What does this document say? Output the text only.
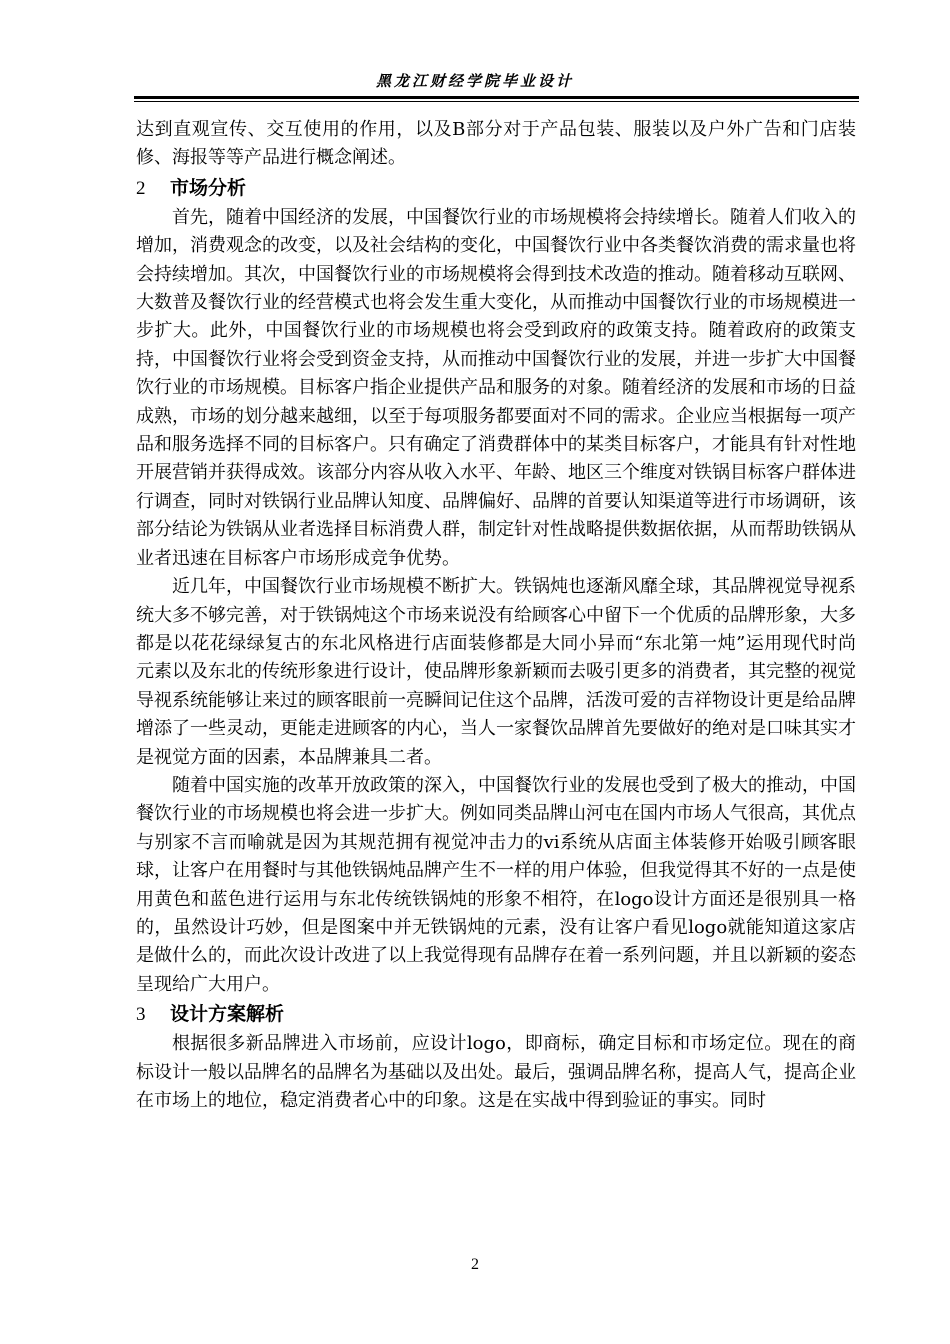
黑龙江财经学院毕业设计

达到直观宣传、交互使用的作用，以及B部分对于产品包装、服装以及户外广告和门店装修、海报等等产品进行概念阐述。

2 市场分析

首先，随着中国经济的发展，中国餐饮行业的市场规模将会持续增长。随着人们收入的增加，消费观念的改变，以及社会结构的变化，中国餐饮行业中各类餐饮消费的需求量也将会持续增加。其次，中国餐饮行业的市场规模将会得到技术改造的推动。随着移动互联网、大数普及餐饮行业的经营模式也将会发生重大变化，从而推动中国餐饮行业的市场规模进一步扩大。此外，中国餐饮行业的市场规模也将会受到政府的政策支持。随着政府的政策支持，中国餐饮行业将会受到资金支持，从而推动中国餐饮行业的发展，并进一步扩大中国餐饮行业的市场规模。目标客户指企业提供产品和服务的对象。随着经济的发展和市场的日益成熟，市场的划分越来越细，以至于每项服务都要面对不同的需求。企业应当根据每一项产品和服务选择不同的目标客户。只有确定了消费群体中的某类目标客户，才能具有针对性地开展营销并获得成效。该部分内容从收入水平、年龄、地区三个维度对铁锅目标客户群体进行调查，同时对铁锅行业品牌认知度、品牌偏好、品牌的首要认知渠道等进行市场调研，该部分结论为铁锅从业者选择目标消费人群，制定针对性战略提供数据依据，从而帮助铁锅从业者迅速在目标客户市场形成竞争优势。

近几年，中国餐饮行业市场规模不断扩大。铁锅炖也逐渐风靡全球，其品牌视觉导视系统大多不够完善，对于铁锅炖这个市场来说没有给顾客心中留下一个优质的品牌形象，大多都是以花花绿绿复古的东北风格进行店面装修都是大同小异而“东北第一炖”运用现代时尚元素以及东北的传统形象进行设计，使品牌形象新颖而去吸引更多的消费者，其完整的视觉导视系统能够让来过的顾客眼前一亮瞬间记住这个品牌，活泼可爱的吉祥物设计更是给品牌增添了一些灵动，更能走进顾客的内心，当人一家餐饮品牌首先要做好的绝对是口味其实才是视觉方面的因素，本品牌兼具二者。

随着中国实施的改革开放政策的深入，中国餐饮行业的发展也受到了极大的推动，中国餐饮行业的市场规模也将会进一步扩大。例如同类品牌山河屯在国内市场人气很高，其优点与别家不言而喻就是因为其规范拥有视觉冲击力的vi系统从店面主体装修开始吸引顾客眼球，让客户在用餐时与其他铁锅炖品牌产生不一样的用户体验，但我觉得其不好的一点是使用黄色和蓝色进行运用与东北传统铁锅炖的形象不相符，在logo设计方面还是很别具一格的，虽然设计巧妙，但是图案中并无铁锅炖的元素，没有让客户看见logo就能知道这家店是做什么的，而此次设计改进了以上我觉得现有品牌存在着一系列问题，并且以新颖的姿态呈现给广大用户。

3 设计方案解析

根据很多新品牌进入市场前，应设计logo，即商标，确定目标和市场定位。现在的商标设计一般以品牌名的品牌名为基础以及出处。最后，强调品牌名称，提高人气，提高企业在市场上的地位，稳定消费者心中的印象。这是在实战中得到验证的事实。同时

2
